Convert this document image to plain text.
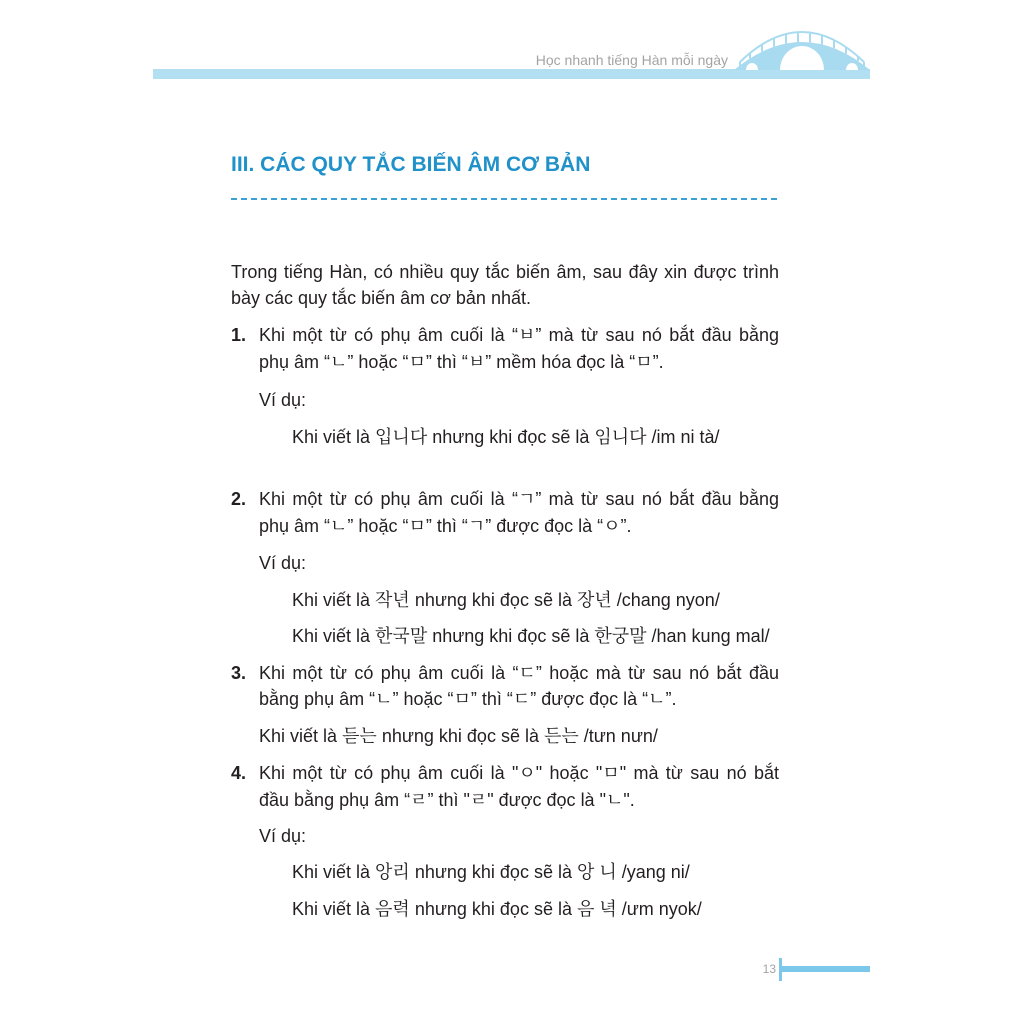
Học nhanh tiếng Hàn mỗi ngày
III. CÁC QUY TẮC BIẾN ÂM CƠ BẢN
Trong tiếng Hàn, có nhiều quy tắc biến âm, sau đây xin được trình
bày các quy tắc biến âm cơ bản nhất.
1. Khi một từ có phụ âm cuối là “ㅂ” mà từ sau nó bắt đầu bằng
phụ âm “ㄴ” hoặc “ㅁ” thì “ㅂ” mềm hóa đọc là “ㅁ”.
Ví dụ:
Khi viết là 입니다 nhưng khi đọc sẽ là 임니다 /im ni tà/
2. Khi một từ có phụ âm cuối là “ㄱ” mà từ sau nó bắt đầu bằng
phụ âm “ㄴ” hoặc “ㅁ” thì “ㄱ” được đọc là “ㅇ”.
Ví dụ:
Khi viết là 작년 nhưng khi đọc sẽ là 장년 /chang nyon/
Khi viết là 한국말 nhưng khi đọc sẽ là 한궁말 /han kung mal/
3. Khi một từ có phụ âm cuối là “ㄷ” hoặc mà từ sau nó bắt đầu
bằng phụ âm “ㄴ” hoặc “ㅁ” thì “ㄷ” được đọc là “ㄴ”.
Khi viết là 듣는 nhưng khi đọc sẽ là 든는 /tưn nưn/
4. Khi một từ có phụ âm cuối là "ㅇ" hoặc "ㅁ" mà từ sau nó bắt
đầu bằng phụ âm “ㄹ” thì "ㄹ" được đọc là "ㄴ".
Ví dụ:
Khi viết là 앙리 nhưng khi đọc sẽ là 앙 니 /yang ni/
Khi viết là 음력 nhưng khi đọc sẽ là 음 녁 /ưm nyok/
13
